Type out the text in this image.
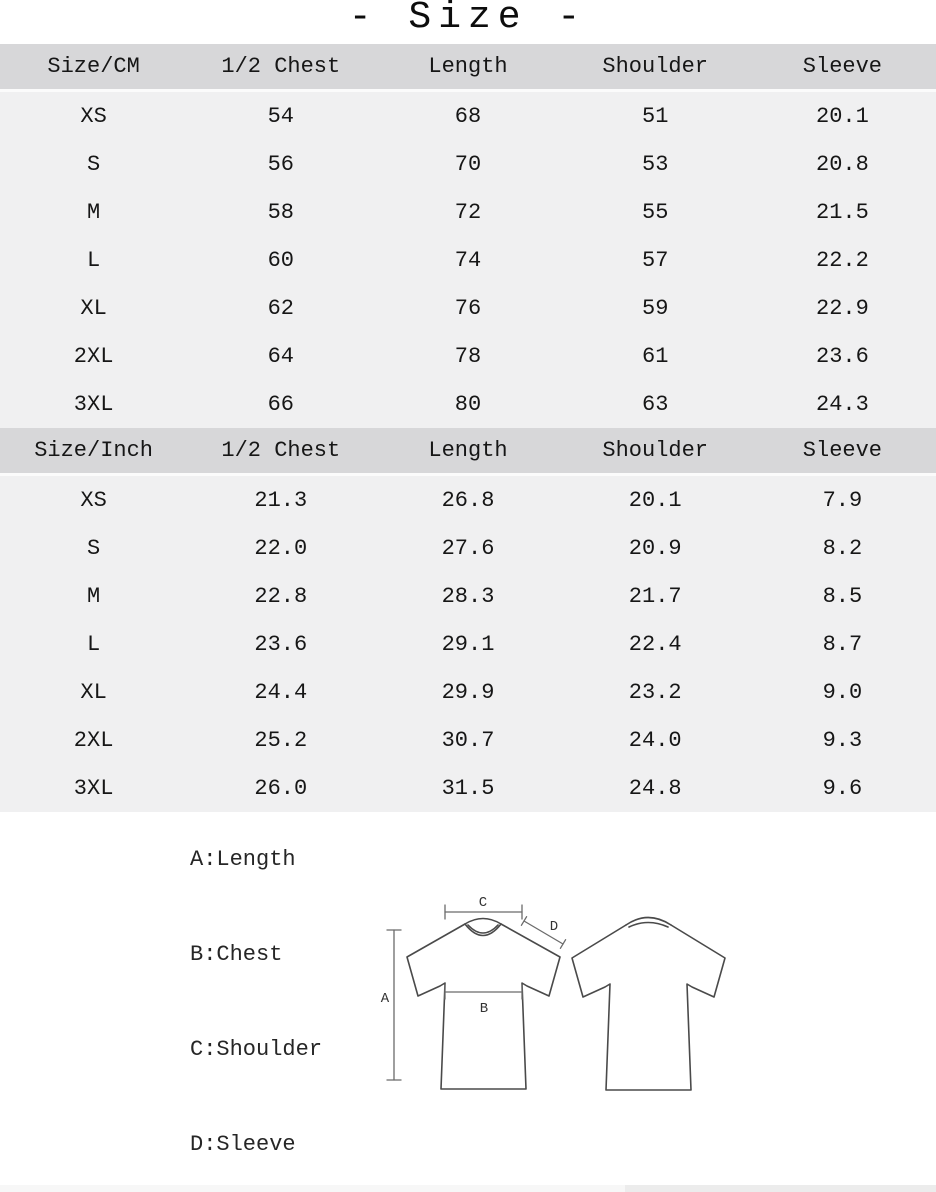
- Size -
Size/CM	1/2 Chest	Length	Shoulder	Sleeve
XS	54	68	51	20.1
S	56	70	53	20.8
M	58	72	55	21.5
L	60	74	57	22.2
XL	62	76	59	22.9
2XL	64	78	61	23.6
3XL	66	80	63	24.3
Size/Inch	1/2 Chest	Length	Shoulder	Sleeve
XS	21.3	26.8	20.1	7.9
S	22.0	27.6	20.9	8.2
M	22.8	28.3	21.7	8.5
L	23.6	29.1	22.4	8.7
XL	24.4	29.9	23.2	9.0
2XL	25.2	30.7	24.0	9.3
3XL	26.0	31.5	24.8	9.6
A:Length
B:Chest
C:Shoulder
D:Sleeve
A
C
D
B
